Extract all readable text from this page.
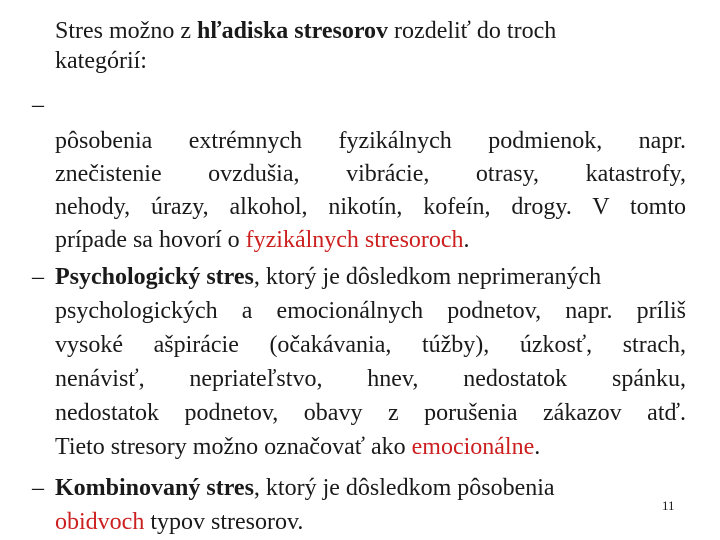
Stres možno z hľadiska stresorov rozdeliť do troch
kategórií:
–
pôsobenia extrémnych fyzikálnych podmienok, napr.
znečistenie ovzdušia, vibrácie, otrasy, katastrofy,
nehody, úrazy, alkohol, nikotín, kofeín, drogy. V tomto
prípade sa hovorí o fyzikálnych stresoroch.
– Psychologický stres, ktorý je dôsledkom neprimeraných
psychologických a emocionálnych podnetov, napr. príliš
vysoké ašpirácie (očakávania, túžby), úzkosť, strach,
nenávisť, nepriateľstvo, hnev, nedostatok spánku,
nedostatok podnetov, obavy z porušenia zákazov atď.
Tieto stresory možno označovať ako emocionálne.
– Kombinovaný stres, ktorý je dôsledkom pôsobenia
obidvoch typov stresorov.
11
